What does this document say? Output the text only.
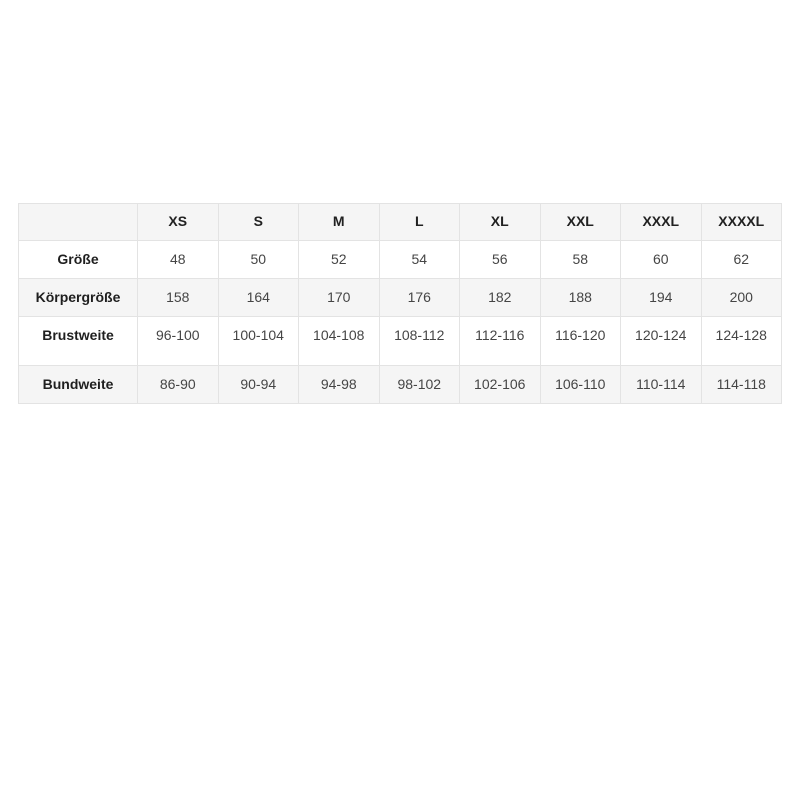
	XS	S	M	L	XL	XXL	XXXL	XXXXL
Größe	48	50	52	54	56	58	60	62
Körpergröße	158	164	170	176	182	188	194	200
Brustweite	96-100	100-104	104-108	108-112	112-116	116-120	120-124	124-128
Bundweite	86-90	90-94	94-98	98-102	102-106	106-110	110-114	114-118
